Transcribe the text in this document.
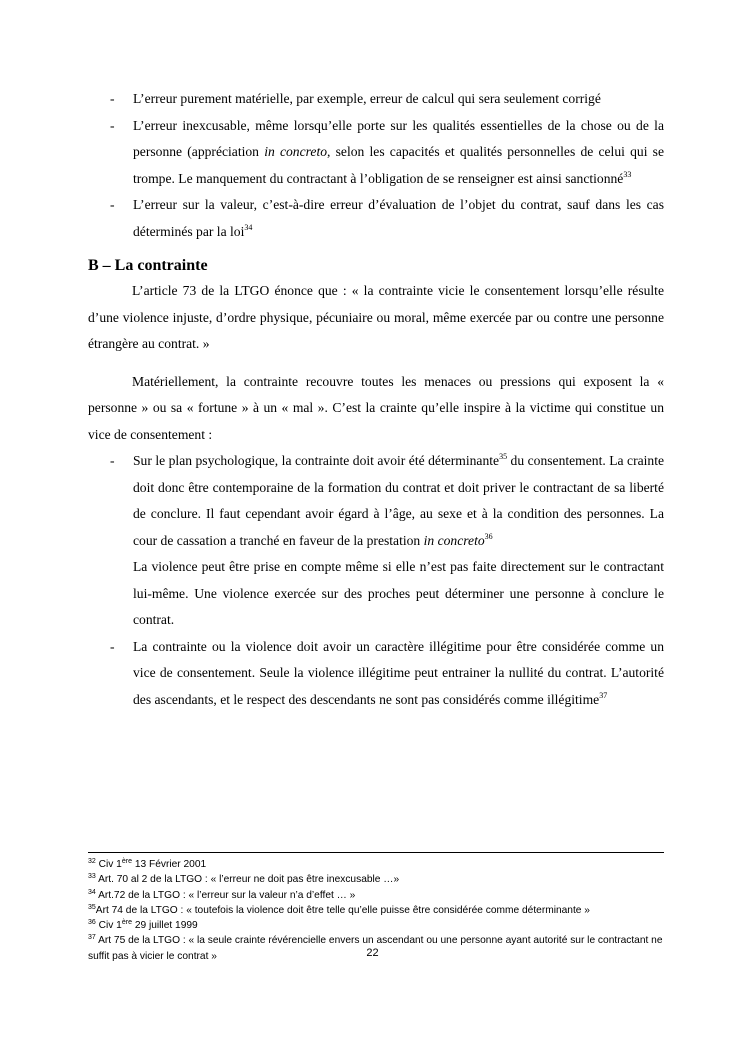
- L’erreur purement matérielle, par exemple, erreur de calcul qui sera seulement corrigé
- L’erreur inexcusable, même lorsqu’elle porte sur les qualités essentielles de la chose ou de la personne (appréciation in concreto, selon les capacités et qualités personnelles de celui qui se trompe. Le manquement du contractant à l’obligation de se renseigner est ainsi sanctionné$^{33}$
- L’erreur sur la valeur, c’est-à-dire erreur d’évaluation de l’objet du contrat, sauf dans les cas déterminés par la loi$^{34}$
B – La contrainte

L’article 73 de la LTGO énonce que : « la contrainte vicie le consentement lorsqu’elle résulte d’une violence injuste, d’ordre physique, pécuniaire ou moral, même exercée par ou contre une personne étrangère au contrat. »

Matériellement, la contrainte recouvre toutes les menaces ou pressions qui exposent la « personne » ou sa « fortune » à un « mal ». C’est la crainte qu’elle inspire à la victime qui constitue un vice de consentement :

- Sur le plan psychologique, la contrainte doit avoir été déterminante$^{35}$ du consentement. La crainte doit donc être contemporaine de la formation du contrat et doit priver le contractant de sa liberté de conclure. Il faut cependant avoir égard à l’âge, au sexe et à la condition des personnes. La cour de cassation a tranché en faveur de la prestation in concreto$^{36}$
La violence peut être prise en compte même si elle n’est pas faite directement sur le contractant lui-même. Une violence exercée sur des proches peut déterminer une personne à conclure le contrat.
- La contrainte ou la violence doit avoir un caractère illégitime pour être considérée comme un vice de consentement. Seule la violence illégitime peut entrainer la nullité du contrat. L’autorité des ascendants, et le respect des descendants ne sont pas considérés comme illégitime$^{37}$
$^{32}$ Civ 1ère 13 Février 2001
$^{33}$ Art. 70 al 2 de la LTGO : « l’erreur ne doit pas être inexcusable …»
$^{34}$ Art.72 de la LTGO : « l’erreur sur la valeur n’a d’effet … »
$^{35}$Art 74 de la LTGO : « toutefois la violence doit être telle qu’elle puisse être considérée comme déterminante »
$^{36}$ Civ 1ère 29 juillet 1999
$^{37}$ Art 75 de la LTGO : « la seule crainte révérencielle envers un ascendant ou une personne ayant autorité sur le contractant ne suffit pas à vicier le contrat »	22
